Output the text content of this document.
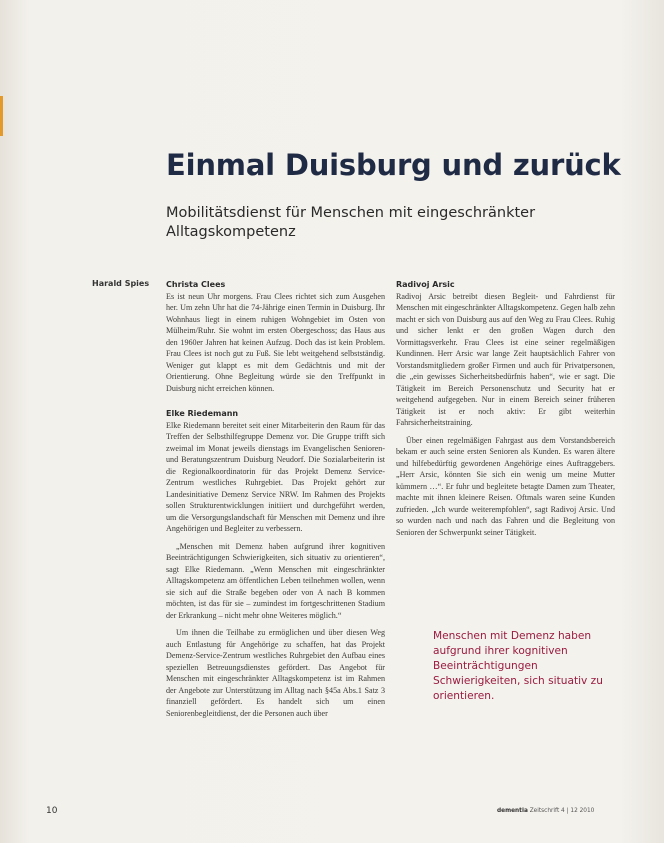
Einmal Duisburg und zurück

Mobilitätsdienst für Menschen mit eingeschränkter Alltagskompetenz

Harald Spies Christa Clees

Es ist neun Uhr morgens. Frau Clees richtet sich zum Ausgehen her. Um zehn Uhr hat die 74-Jährige einen Termin in Duisburg. Ihr Wohnhaus liegt in einem ruhigen Wohngebiet im Osten von Mülheim/Ruhr. Sie wohnt im ersten Obergeschoss; das Haus aus den 1960er Jahren hat keinen Aufzug. Doch das ist kein Problem. Frau Clees ist noch gut zu Fuß. Sie lebt weitgehend selbstständig. Weniger gut klappt es mit dem Gedächtnis und mit der Orientierung. Ohne Begleitung würde sie den Treffpunkt in Duisburg nicht erreichen können.

Elke Riedemann

Elke Riedemann bereitet seit einer Mitarbeiterin den Raum für das Treffen der Selbsthilfegruppe Demenz vor. Die Gruppe trifft sich zweimal im Monat jeweils dienstags im Evangelischen Senioren- und Beratungszentrum Duisburg Neudorf. Die Sozialarbeiterin ist die Regionalkoordinatorin für das Projekt Demenz Service-Zentrum westliches Ruhrgebiet. Das Projekt gehört zur Landesinitiative Demenz Service NRW. Im Rahmen des Projekts sollen Strukturentwicklungen initiiert und durchgeführt werden, um die Versorgungslandschaft für Menschen mit Demenz und ihre Angehörigen und Begleiter zu verbessern.

„Menschen mit Demenz haben aufgrund ihrer kognitiven Beeinträchtigungen Schwierigkeiten, sich situativ zu orientieren“, sagt Elke Riedemann. „Wenn Menschen mit eingeschränkter Alltagskompetenz am öffentlichen Leben teilnehmen wollen, wenn sie sich auf die Straße begeben oder von A nach B kommen möchten, ist das für sie – zumindest im fortgeschrittenen Stadium der Erkrankung – nicht mehr ohne Weiteres möglich.“

Um ihnen die Teilhabe zu ermöglichen und über diesen Weg auch Entlastung für Angehörige zu schaffen, hat das Projekt Demenz-Service-Zentrum westliches Ruhrgebiet den Aufbau eines speziellen Betreuungsdienstes gefördert. Das Angebot für Menschen mit eingeschränkter Alltagskompetenz ist im Rahmen der Angebote zur Unterstützung im Alltag nach §45a Abs.1 Satz 3 finanziell gefördert. Es handelt sich um einen Seniorenbegleitdienst, der die Personen auch über

Radivoj Arsic

Radivoj Arsic betreibt diesen Begleit- und Fahrdienst für Menschen mit eingeschränkter Alltagskompetenz. Gegen halb zehn macht er sich von Duisburg aus auf den Weg zu Frau Clees. Ruhig und sicher lenkt er den großen Wagen durch den Vormittagsverkehr. Frau Clees ist eine seiner regelmäßigen Kundinnen. Herr Arsic war lange Zeit hauptsächlich Fahrer von Vorstandsmitgliedern großer Firmen und auch für Privatpersonen, die „ein gewisses Sicherheitsbedürfnis haben“, wie er sagt. Die Tätigkeit im Bereich Personenschutz und Security hat er weitgehend aufgegeben. Nur in einem Bereich seiner früheren Tätigkeit ist er noch aktiv: Er gibt weiterhin Fahrsicherheitstraining.

Über einen regelmäßigen Fahrgast aus dem Vorstandsbereich bekam er auch seine ersten Senioren als Kunden. Es waren ältere und hilfebedürftig gewordenen Angehörige eines Auftraggebers. „Herr Arsic, könnten Sie sich ein wenig um meine Mutter kümmern …“. Er fuhr und begleitete betagte Damen zum Theater, machte mit ihnen kleinere Reisen. Oftmals waren seine Kunden zufrieden. „Ich wurde weiterempfohlen“, sagt Radivoj Arsic. Und so wurden nach und nach das Fahren und die Begleitung von Senioren der Schwerpunkt seiner Tätigkeit.

Menschen mit Demenz haben aufgrund ihrer kognitiven Beeinträchtigungen Schwierigkeiten, sich situativ zu orientieren.

10	dementia Zeitschrift 4 | 12 2010
